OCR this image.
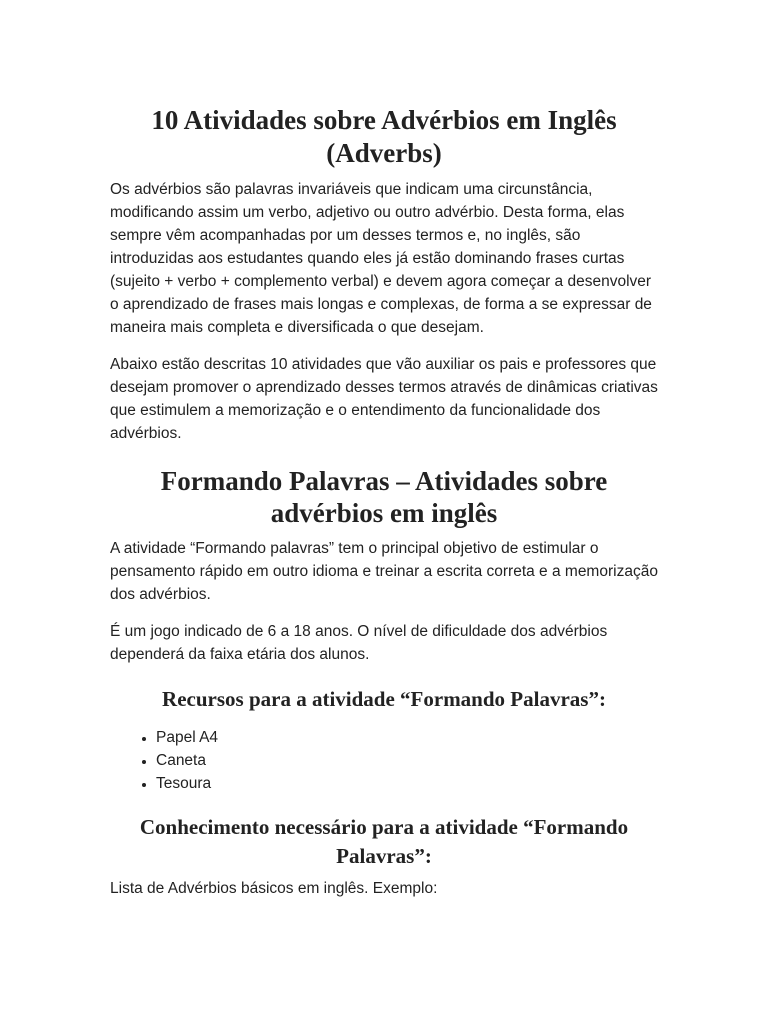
10 Atividades sobre Advérbios em Inglês (Adverbs)

Os advérbios são palavras invariáveis que indicam uma circunstância, modificando assim um verbo, adjetivo ou outro advérbio. Desta forma, elas sempre vêm acompanhadas por um desses termos e, no inglês, são introduzidas aos estudantes quando eles já estão dominando frases curtas (sujeito + verbo + complemento verbal) e devem agora começar a desenvolver o aprendizado de frases mais longas e complexas, de forma a se expressar de maneira mais completa e diversificada o que desejam.

Abaixo estão descritas 10 atividades que vão auxiliar os pais e professores que desejam promover o aprendizado desses termos através de dinâmicas criativas que estimulem a memorização e o entendimento da funcionalidade dos advérbios.

Formando Palavras – Atividades sobre advérbios em inglês

A atividade “Formando palavras” tem o principal objetivo de estimular o pensamento rápido em outro idioma e treinar a escrita correta e a memorização dos advérbios.

É um jogo indicado de 6 a 18 anos. O nível de dificuldade dos advérbios dependerá da faixa etária dos alunos.

Recursos para a atividade “Formando Palavras”:
• Papel A4
• Caneta
• Tesoura
Conhecimento necessário para a atividade “Formando Palavras”:

Lista de Advérbios básicos em inglês. Exemplo:
